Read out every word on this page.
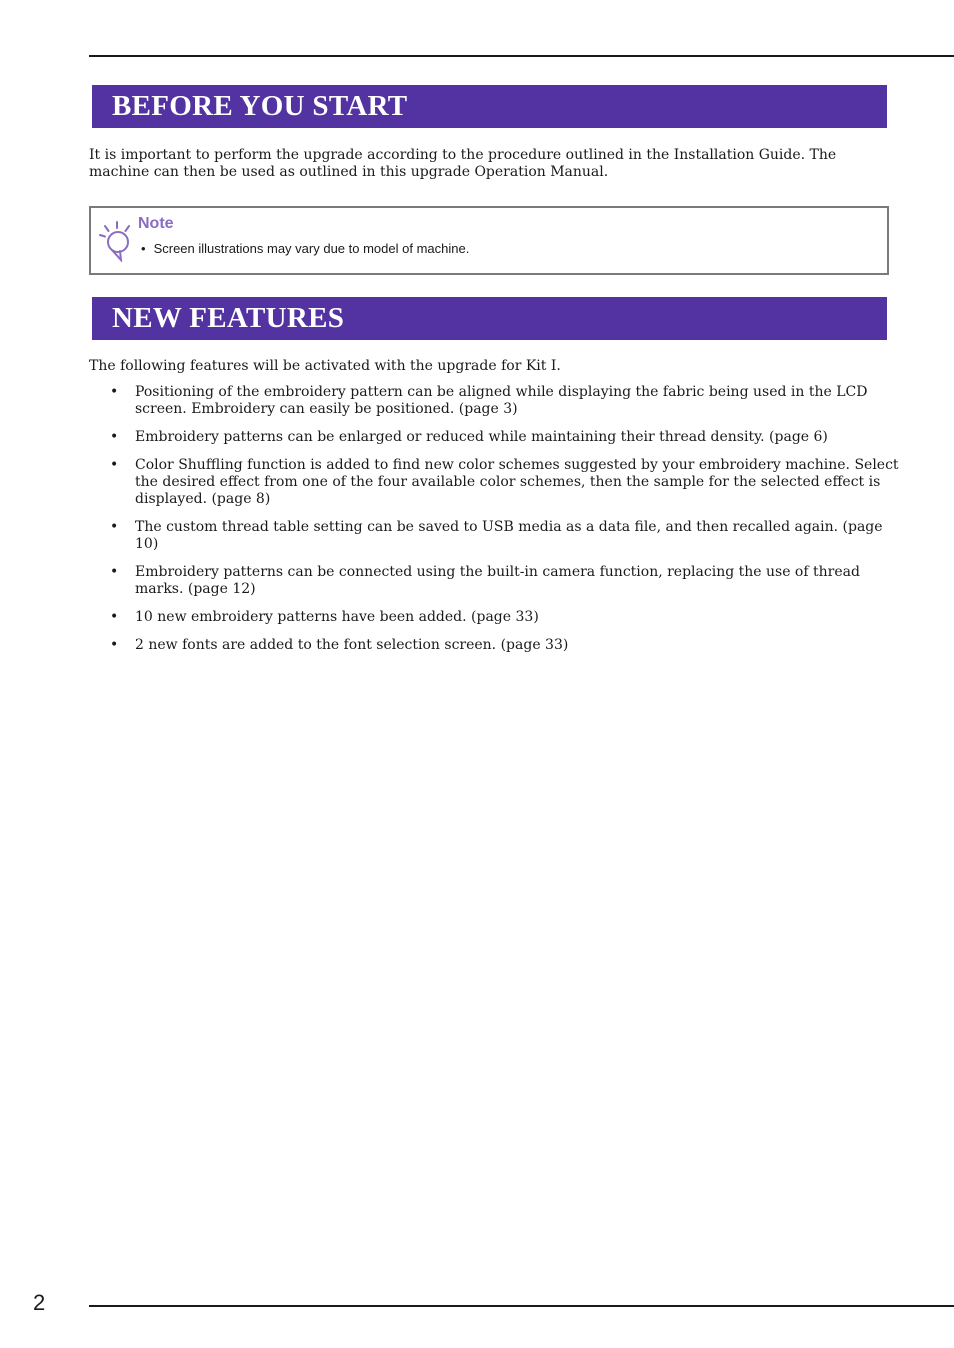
BEFORE YOU START

It is important to perform the upgrade according to the procedure outlined in the Installation Guide. The machine can then be used as outlined in this upgrade Operation Manual.

Note
• Screen illustrations may vary due to model of machine.
NEW FEATURES

The following features will be activated with the upgrade for Kit I.

• Positioning of the embroidery pattern can be aligned while displaying the fabric being used in the LCD screen. Embroidery can easily be positioned. (page 3)
• Embroidery patterns can be enlarged or reduced while maintaining their thread density. (page 6)
• Color Shuffling function is added to find new color schemes suggested by your embroidery machine. Select the desired effect from one of the four available color schemes, then the sample for the selected effect is displayed. (page 8)
• The custom thread table setting can be saved to USB media as a data file, and then recalled again. (page 10)
• Embroidery patterns can be connected using the built-in camera function, replacing the use of thread marks. (page 12)
• 10 new embroidery patterns have been added. (page 33)
• 2 new fonts are added to the font selection screen. (page 33)
2
